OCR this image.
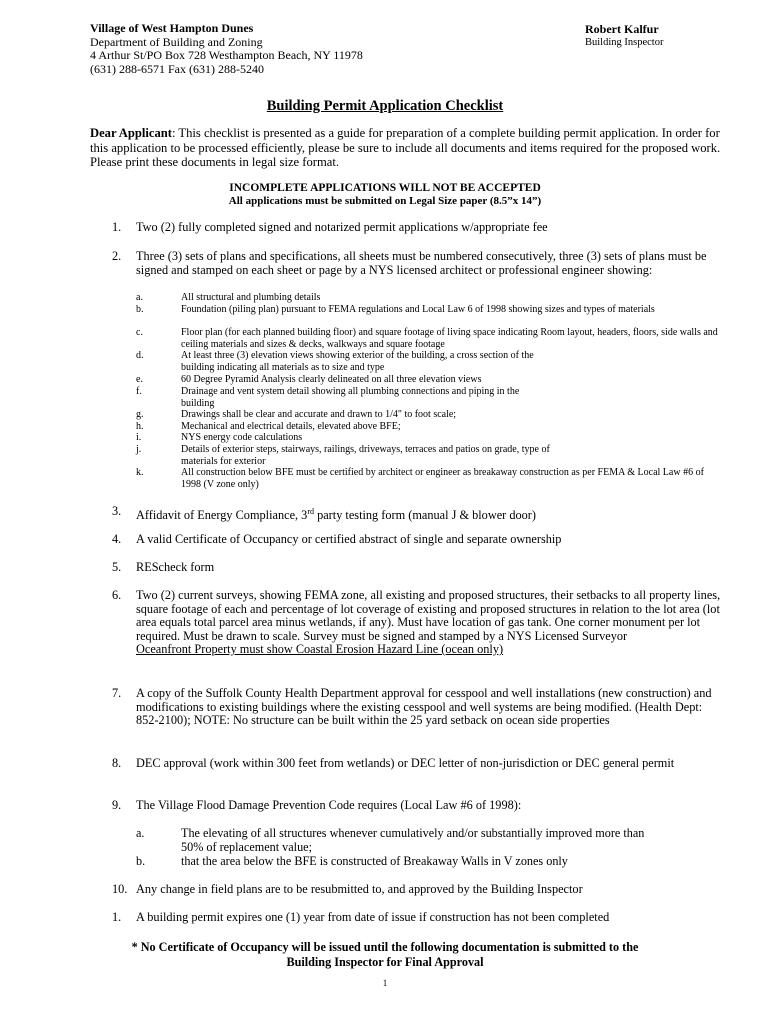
Village of West Hampton Dunes
Department of Building and Zoning
4 Arthur St/PO Box 728 Westhampton Beach, NY 11978
(631) 288-6571 Fax (631) 288-5240
Robert Kalfur
Building Inspector
Building Permit Application Checklist
Dear Applicant: This checklist is presented as a guide for preparation of a complete building permit application. In order for this application to be processed efficiently, please be sure to include all documents and items required for the proposed work. Please print these documents in legal size format.
INCOMPLETE APPLICATIONS WILL NOT BE ACCEPTED
All applications must be submitted on Legal Size paper (8.5”x 14”)
1. Two (2) fully completed signed and notarized permit applications w/appropriate fee
2. Three (3) sets of plans and specifications, all sheets must be numbered consecutively, three (3) sets of plans must be signed and stamped on each sheet or page by a NYS licensed architect or professional engineer showing:
a.	All structural and plumbing details
b.	Foundation (piling plan) pursuant to FEMA regulations and Local Law 6 of 1998 showing sizes and types of materials
c.	Floor plan (for each planned building floor) and square footage of living space indicating Room layout, headers, floors, side walls and ceiling materials and sizes & decks, walkways and square footage
d.	At least three (3) elevation views showing exterior of the building, a cross section of the building indicating all materials as to size and type
e.	60 Degree Pyramid Analysis clearly delineated on all three elevation views
f.	Drainage and vent system detail showing all plumbing connections and piping in the building
g.	Drawings shall be clear and accurate and drawn to 1/4" to foot scale;
h.	Mechanical and electrical details, elevated above BFE;
i.	NYS energy code calculations
j.	Details of exterior steps, stairways, railings, driveways, terraces and patios on grade, type of materials for exterior
k.	All construction below BFE must be certified by architect or engineer as breakaway construction as per FEMA & Local Law #6 of 1998 (V zone only)
3. Affidavit of Energy Compliance, 3rd party testing form (manual J & blower door)
4. A valid Certificate of Occupancy or certified abstract of single and separate ownership
5. REScheck form
6. Two (2) current surveys, showing FEMA zone, all existing and proposed structures, their setbacks to all property lines, square footage of each and percentage of lot coverage of existing and proposed structures in relation to the lot area (lot area equals total parcel area minus wetlands, if any). Must have location of gas tank. One corner monument per lot required. Must be drawn to scale. Survey must be signed and stamped by a NYS Licensed Surveyor
Oceanfront Property must show Coastal Erosion Hazard Line (ocean only)
7. A copy of the Suffolk County Health Department approval for cesspool and well installations (new construction) and modifications to existing buildings where the existing cesspool and well systems are being modified. (Health Dept: 852-2100); NOTE: No structure can be built within the 25 yard setback on ocean side properties
8. DEC approval (work within 300 feet from wetlands) or DEC letter of non-jurisdiction or DEC general permit
9. The Village Flood Damage Prevention Code requires (Local Law #6 of 1998):
a.	The elevating of all structures whenever cumulatively and/or substantially improved more than 50% of replacement value;
b.	that the area below the BFE is constructed of Breakaway Walls in V zones only
10. Any change in field plans are to be resubmitted to, and approved by the Building Inspector
1. A building permit expires one (1) year from date of issue if construction has not been completed
* No Certificate of Occupancy will be issued until the following documentation is submitted to the
Building Inspector for Final Approval
1
